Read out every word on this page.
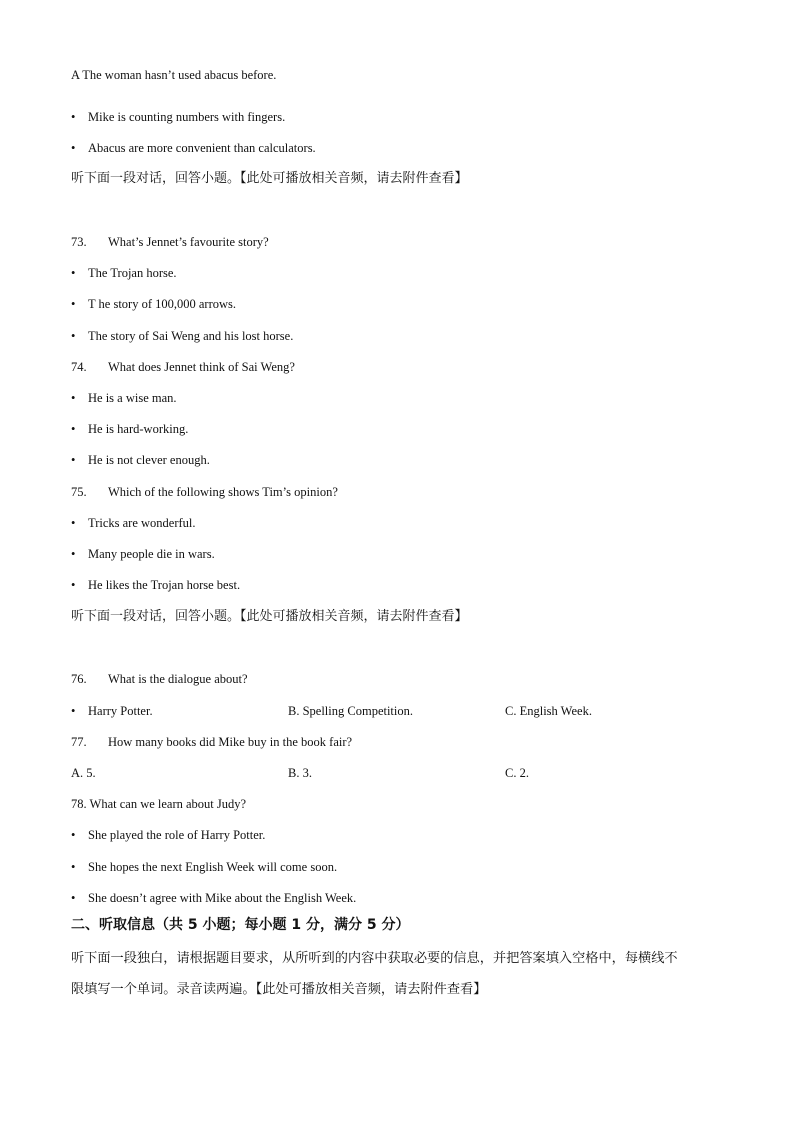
A The woman hasn’t used abacus before.
• Mike is counting numbers with fingers.
• Abacus are more convenient than calculators.
听下面一段对话，回答小题。【此处可播放相关音频，请去附件查看】
73. What’s Jennet’s favourite story?
• The Trojan horse.
• T he story of 100,000 arrows.
• The story of Sai Weng and his lost horse.
74. What does Jennet think of Sai Weng?
• He is a wise man.
• He is hard-working.
• He is not clever enough.
75. Which of the following shows Tim’s opinion?
• Tricks are wonderful.
• Many people die in wars.
• He likes the Trojan horse best.
听下面一段对话，回答小题。【此处可播放相关音频，请去附件查看】
76. What is the dialogue about?
• Harry Potter.	B. Spelling Competition.	C. English Week.
77. How many books did Mike buy in the book fair?
A. 5.	B. 3.	C. 2.
78. What can we learn about Judy?
• She played the role of Harry Potter.
• She hopes the next English Week will come soon.
• She doesn’t agree with Mike about the English Week.
二、听取信息（共 5 小题；每小题 1 分，满分 5 分）
听下面一段独白，请根据题目要求，从所听到的内容中获取必要的信息，并把答案填入空格中，每横线不
限填写一个单词。录音读两遍。【此处可播放相关音频，请去附件查看】
